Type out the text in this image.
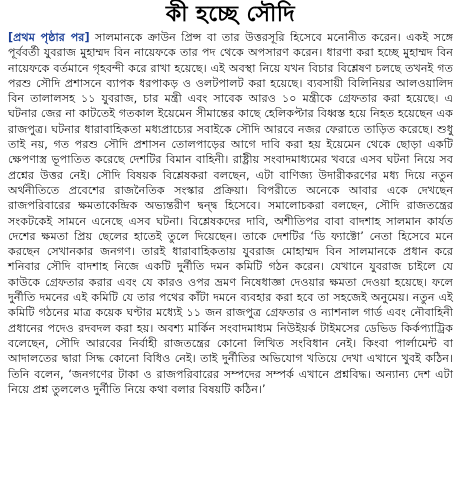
কী হচ্ছে সৌদি

[প্রথম পৃষ্ঠার পর] সালমানকে ক্রাউন প্রিন্স বা তার উত্তরসূরি হিসেবে মনোনীত করেন। একই সঙ্গে পূর্ববর্তী যুবরাজ মুহাম্মদ বিন নায়েফকে তার পদ থেকে অপসারণ করেন। ধারণা করা হচ্ছে মুহাম্মদ বিন নায়েফকে বর্তমানে গৃহবন্দী করে রাখা হয়েছে। এই অবস্থা নিয়ে যখন বিচার বিশ্লেষণ চলছে তখনই গত পরশু সৌদি প্রশাসনে ব্যাপক ধরপাকড় ও ওলটপালট করা হয়েছে। ব্যবসায়ী বিলিনিয়র আলওয়ালিদ বিন তালালসহ ১১ যুবরাজ, চার মন্ত্রী এবং সাবেক আরও ১০ মন্ত্রীকে গ্রেফতার করা হয়েছে। এ ঘটনার জের না কাটতেই গতকাল ইয়েমেন সীমান্তের কাছে হেলিকপ্টার বিধ্বস্ত হয়ে নিহত হয়েছেন এক রাজপুত্র। ঘটনার ধারাবাহিকতা মধ্যপ্রাচ্যের সবাইকে সৌদি আরবে নজর ফেরাতে তাড়িত করেছে। শুধু তাই নয়, গত পরশু সৌদি প্রশাসন তোলপাড়ের আগে দাবি করা হয় ইয়েমেন থেকে ছোড়া একটি ক্ষেপণাস্ত্র ভূপাতিত করেছে দেশটির বিমান বাহিনী। রাষ্ট্রীয় সংবাদমাধ্যমের খবরে এসব ঘটনা নিয়ে সব প্রশ্নের উত্তর নেই। সৌদি বিষয়ক বিশ্লেষকরা বলছেন, এটা বাণিজ্য উদারীকরণের মধ্য দিয়ে নতুন অর্থনীতিতে প্রবেশের রাজনৈতিক সংস্কার প্রক্রিয়া। বিপরীতে অনেকে আবার একে দেখছেন রাজপরিবারের ক্ষমতাকেন্দ্রিক অভ্যন্তরীণ দ্বন্দ্ব হিসেবে। সমালোচকরা বলছেন, সৌদি রাজতন্ত্রের সংকটকেই সামনে এনেছে এসব ঘটনা। বিশ্লেষকদের দাবি, অশীতিপর বাবা বাদশাহ সালমান কার্যত দেশের ক্ষমতা প্রিয় ছেলের হাতেই তুলে দিয়েছেন। তাকে দেশটির ‘ডি ফ্যাক্টো’ নেতা হিসেবে মনে করছেন সেখানকার জনগণ। তারই ধারাবাহিকতায় যুবরাজ মোহাম্মদ বিন সালমানকে প্রধান করে শনিবার সৌদি বাদশাহ নিজে একটি দুর্নীতি দমন কমিটি গঠন করেন। যেখানে যুবরাজ চাইলে যে কাউকে গ্রেফতার করার এবং যে কারও ওপর ভ্রমণ নিষেধাজ্ঞা দেওয়ার ক্ষমতা দেওয়া হয়েছে। ফলে দুর্নীতি দমনের এই কমিটি যে তার পথের কাঁটা দমনে ব্যবহার করা হবে তা সহজেই অনুমেয়। নতুন এই কমিটি গঠনের মাত্র কয়েক ঘণ্টার মধ্যেই ১১ জন রাজপুত্র গ্রেফতার ও ন্যাশনাল গার্ড এবং নৌবাহিনী প্রধানের পদেও রদবদল করা হয়। অবশ্য মার্কিন সংবাদমাধ্যম নিউইয়র্ক টাইমসের ডেভিড কির্কপ্যাট্রিক বলেছেন, সৌদি আরবের নির্বাহী রাজতন্ত্রের কোনো লিখিত সংবিধান নেই। কিংবা পার্লামেন্ট বা আদালতের দ্বারা সিদ্ধ কোনো বিধিও নেই। তাই দুর্নীতির অভিযোগ খতিয়ে দেখা এখানে খুবই কঠিন। তিনি বলেন, ‘জনগণের টাকা ও রাজপরিবারের সম্পদের সম্পর্ক এখানে প্রশ্নবিদ্ধ। অন্যান্য দেশ এটা নিয়ে প্রশ্ন তুললেও দুর্নীতি নিয়ে কথা বলার বিষয়টি কঠিন।’
